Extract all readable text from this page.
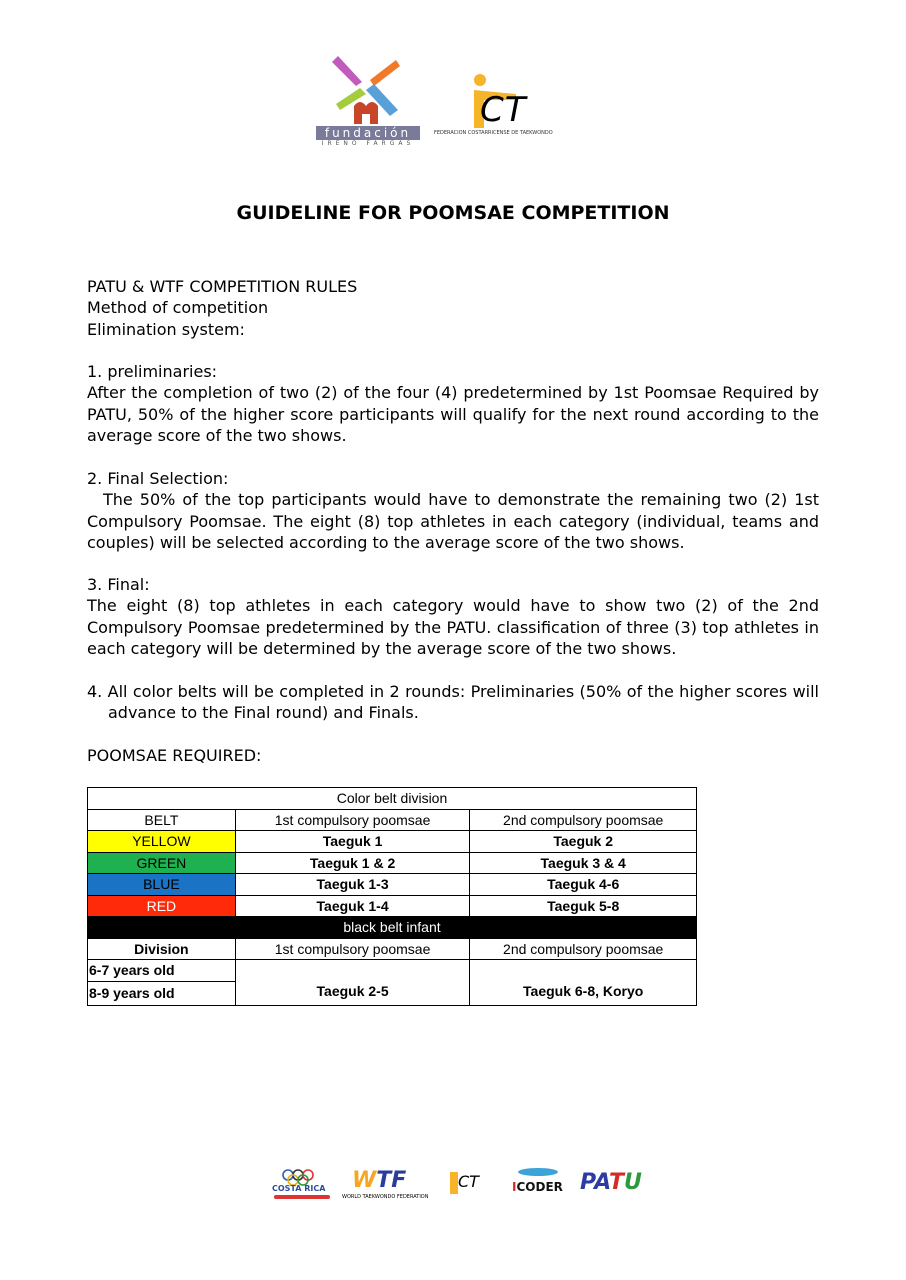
fundación
IRENO FARGAS
CT
FEDERACION COSTARRICENSE DE TAEKWONDO
GUIDELINE FOR POOMSAE COMPETITION
PATU & WTF COMPETITION RULES
Method of competition
Elimination system:
1. preliminaries:

After the completion of two (2) of the four (4) predetermined by 1st Poomsae Required by PATU, 50% of the higher score participants will qualify for the next round according to the average score of the two shows.

2. Final Selection:

The 50% of the top participants would have to demonstrate the remaining two (2) 1st Compulsory Poomsae. The eight (8) top athletes in each category (individual, teams and couples) will be selected according to the average score of the two shows.

3. Final:

The eight (8) top athletes in each category would have to show two (2) of the 2nd Compulsory Poomsae predetermined by the PATU. classification of three (3) top athletes in each category will be determined by the average score of the two shows.

4. All color belts will be completed in 2 rounds: Preliminaries (50% of the higher scores will advance to the Final round) and Finals.

POOMSAE REQUIRED:
Color belt division		
BELT	1st compulsory poomsae	2nd compulsory poomsae
YELLOW	Taeguk 1	Taeguk 2
GREEN	Taeguk 1 & 2	Taeguk 3 & 4
BLUE	Taeguk 1-3	Taeguk 4-6
RED	Taeguk 1-4	Taeguk 5-8
black belt infant		
Division	1st compulsory poomsae	2nd compulsory poomsae
6-7 years old	Taeguk 2-5	Taeguk 6-8, Koryo
8-9 years old		
COSTA RICA WTF
WORLD TAEKWONDO FEDERATION
CT	ICODER PATU
